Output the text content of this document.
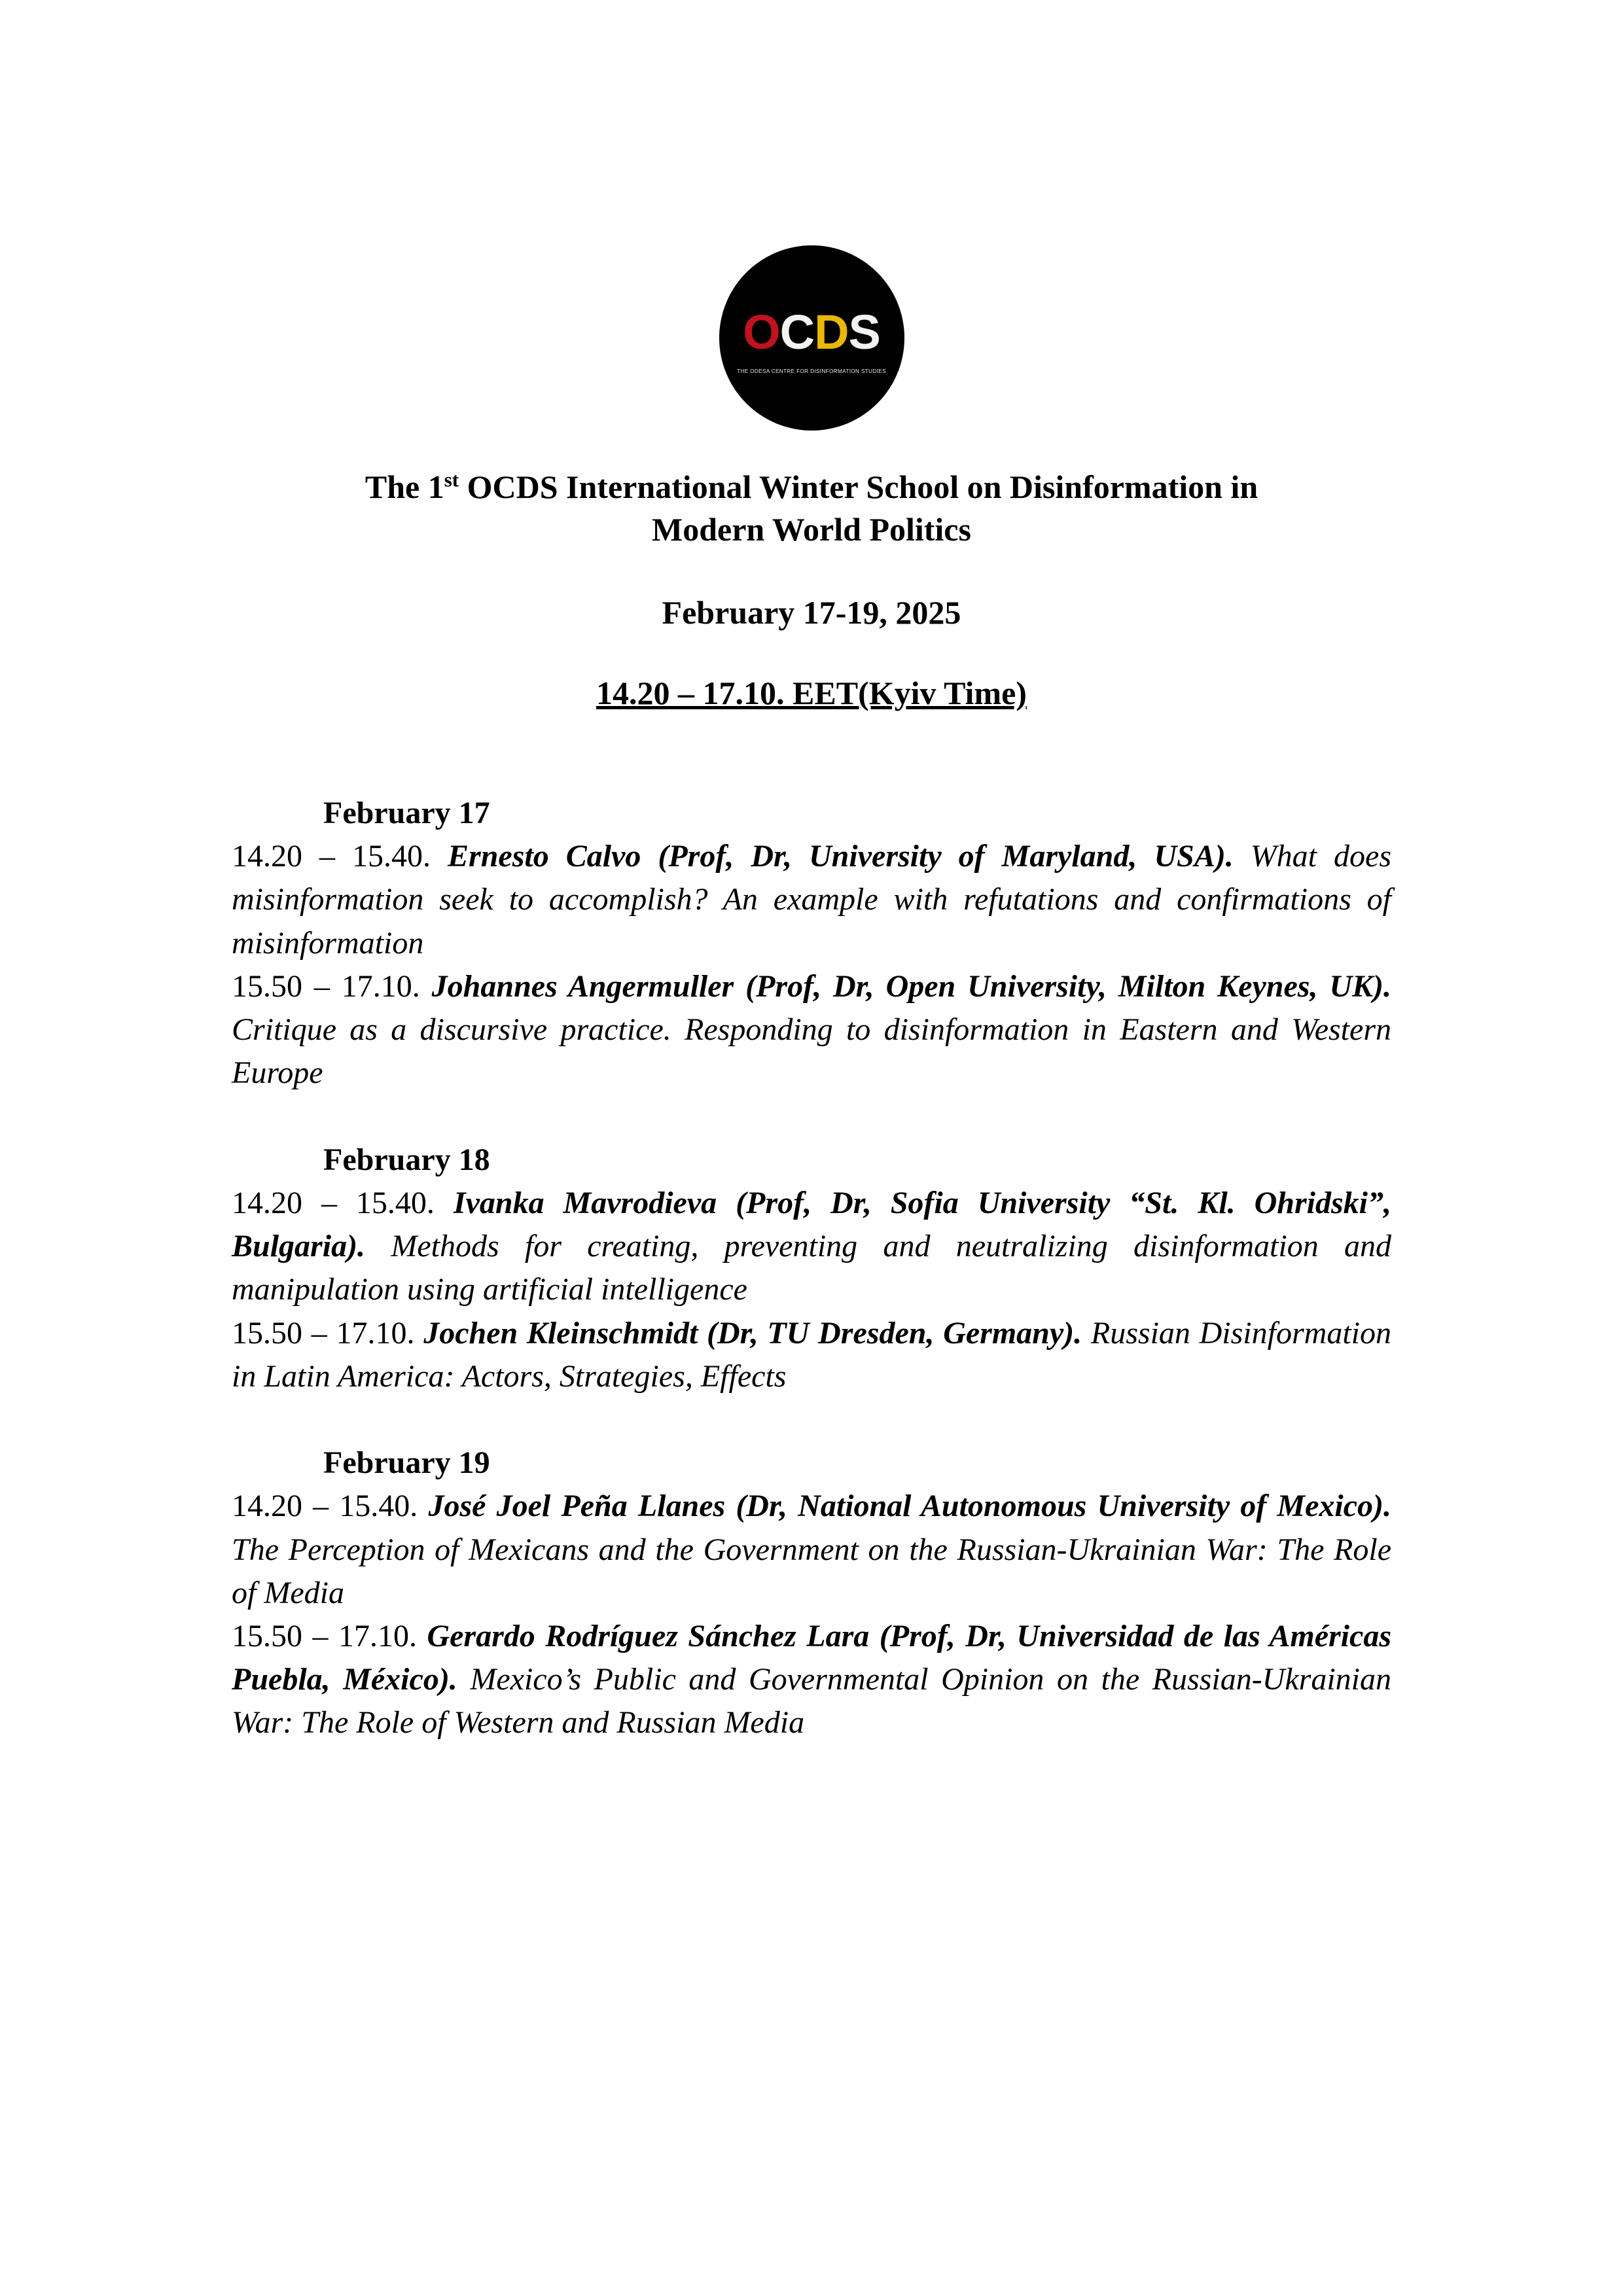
OCDS
THE ODESA CENTRE FOR DISINFORMATION STUDIES
The 1st OCDS International Winter School on Disinformation in
Modern World Politics

February 17-19, 2025

14.20 – 17.10. EET(Kyiv Time)

February 17

14.20 – 15.40. Ernesto Calvo (Prof, Dr, University of Maryland, USA). What does misinformation seek to accomplish? An example with refutations and confirmations of misinformation

15.50 – 17.10. Johannes Angermuller (Prof, Dr, Open University, Milton Keynes, UK). Critique as a discursive practice. Responding to disinformation in Eastern and Western Europe

February 18

14.20 – 15.40. Ivanka Mavrodieva (Prof, Dr, Sofia University “St. Kl. Ohridski”, Bulgaria). Methods for creating, preventing and neutralizing disinformation and manipulation using artificial intelligence

15.50 – 17.10. Jochen Kleinschmidt (Dr, TU Dresden, Germany). Russian Disinformation in Latin America: Actors, Strategies, Effects

February 19

14.20 – 15.40. José Joel Peña Llanes (Dr, National Autonomous University of Mexico). The Perception of Mexicans and the Government on the Russian-Ukrainian War: The Role of Media

15.50 – 17.10. Gerardo Rodríguez Sánchez Lara (Prof, Dr, Universidad de las Américas Puebla, México). Mexico’s Public and Governmental Opinion on the Russian-Ukrainian War: The Role of Western and Russian Media
